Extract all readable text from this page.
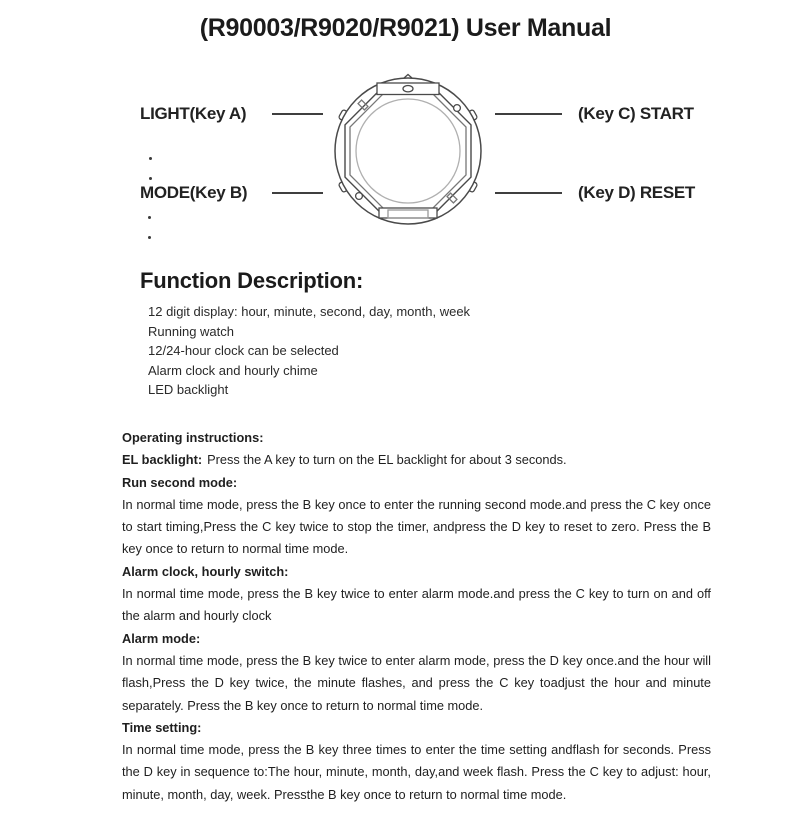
(R90003/R9020/R9021) User Manual
LIGHT(Key A)
MODE(Key B)
(Key C) START
(Key D) RESET
Function Description:
12 digit display: hour, minute, second, day, month, week
Running watch
12/24-hour clock can be selected
Alarm clock and hourly chime
LED backlight

Operating instructions:

EL backlight: Press the A key to turn on the EL backlight for about 3 seconds.

Run second mode:

In normal time mode, press the B key once to enter the running second mode.and press the C key once to start timing,Press the C key twice to stop the timer, andpress the D key to reset to zero. Press the B key once to return to normal time mode.

Alarm clock, hourly switch:

In normal time mode, press the B key twice to enter alarm mode.and press the C key to turn on and off the alarm and hourly clock

Alarm mode:

In normal time mode, press the B key twice to enter alarm mode, press the D key once.and the hour will flash,Press the D key twice, the minute flashes, and press the C key toadjust the hour and minute separately. Press the B key once to return to normal time mode.

Time setting:

In normal time mode, press the B key three times to enter the time setting andflash for seconds. Press the D key in sequence to:The hour, minute, month, day,and week flash. Press the C key to adjust: hour, minute, month, day, week. Pressthe B key once to return to normal time mode.
